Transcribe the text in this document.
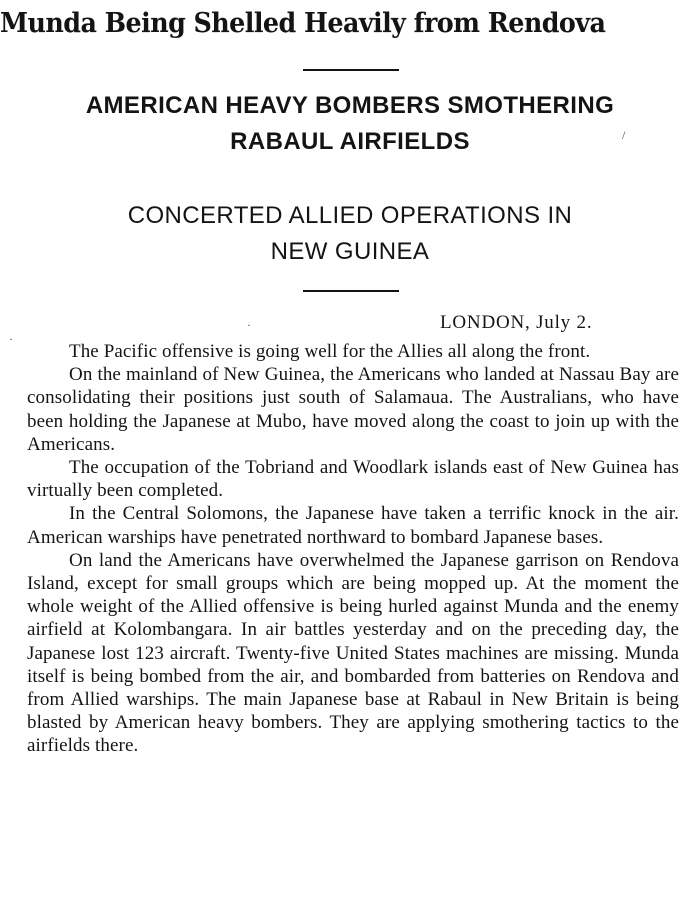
Munda Being Shelled Heavily from Rendova
AMERICAN HEAVY BOMBERS SMOTHERING
RABAUL AIRFIELDS
CONCERTED ALLIED OPERATIONS IN
NEW GUINEA
LONDON, July 2.

The Pacific offensive is going well for the Allies all along the front.

On the mainland of New Guinea, the Americans who landed at Nassau Bay are consolidating their positions just south of Salamaua. The Australians, who have been holding the Japanese at Mubo, have moved along the coast to join up with the Americans.

The occupation of the Tobriand and Woodlark islands east of New Guinea has virtually been completed.

In the Central Solomons, the Japanese have taken a terrific knock in the air. American warships have penetrated northward to bombard Japanese bases.

On land the Americans have overwhelmed the Japanese garrison on Rendova Island, except for small groups which are being mopped up. At the moment the whole weight of the Allied offensive is being hurled against Munda and the enemy airfield at Kolombangara. In air battles yesterday and on the preceding day, the Japanese lost 123 aircraft. Twenty-five United States machines are missing. Munda itself is being bombed from the air, and bombarded from batteries on Rendova and from Allied warships. The main Japanese base at Rabaul in New Britain is being blasted by American heavy bombers. They are applying smothering tactics to the airfields there.

/
·
·
